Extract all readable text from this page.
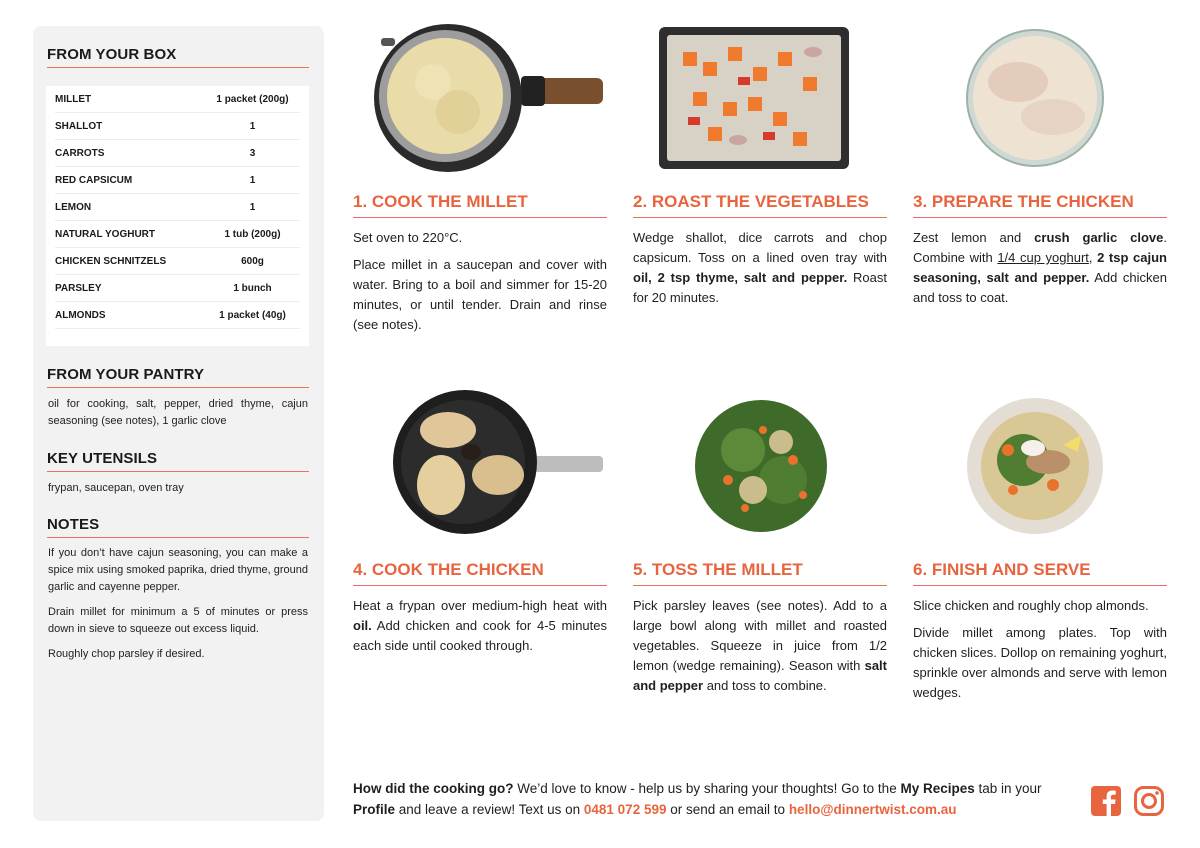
FROM YOUR BOX
MILLET	1 packet (200g)
SHALLOT	1
CARROTS	3
RED CAPSICUM	1
LEMON	1
NATURAL YOGHURT	1 tub (200g)
CHICKEN SCHNITZELS	600g
PARSLEY	1 bunch
ALMONDS	1 packet (40g)
FROM YOUR PANTRY

oil for cooking, salt, pepper, dried thyme, cajun seasoning (see notes), 1 garlic clove

KEY UTENSILS

frypan, saucepan, oven tray

NOTES

If you don’t have cajun seasoning, you can make a spice mix using smoked paprika, dried thyme, ground garlic and cayenne pepper.

Drain millet for minimum a 5 of minutes or press down in sieve to squeeze out excess liquid.

Roughly chop parsley if desired.

1. COOK THE MILLET

Set oven to 220°C.

Place millet in a saucepan and cover with water. Bring to a boil and simmer for 15-20 minutes, or until tender. Drain and rinse (see notes).

2. ROAST THE VEGETABLES

Wedge shallot, dice carrots and chop capsicum. Toss on a lined oven tray with oil, 2 tsp thyme, salt and pepper. Roast for 20 minutes.

3. PREPARE THE CHICKEN

Zest lemon and crush garlic clove. Combine with 1/4 cup yoghurt, 2 tsp cajun seasoning, salt and pepper. Add chicken and toss to coat.

4. COOK THE CHICKEN

Heat a frypan over medium-high heat with oil. Add chicken and cook for 4-5 minutes each side until cooked through.

5. TOSS THE MILLET

Pick parsley leaves (see notes). Add to a large bowl along with millet and roasted vegetables. Squeeze in juice from 1/2 lemon (wedge remaining). Season with salt and pepper and toss to combine.

6. FINISH AND SERVE

Slice chicken and roughly chop almonds.

Divide millet among plates. Top with chicken slices. Dollop on remaining yoghurt, sprinkle over almonds and serve with lemon wedges.

How did the cooking go? We’d love to know - help us by sharing your thoughts! Go to the My Recipes tab in your Profile and leave a review! Text us on 0481 072 599 or send an email to hello@dinnertwist.com.au
